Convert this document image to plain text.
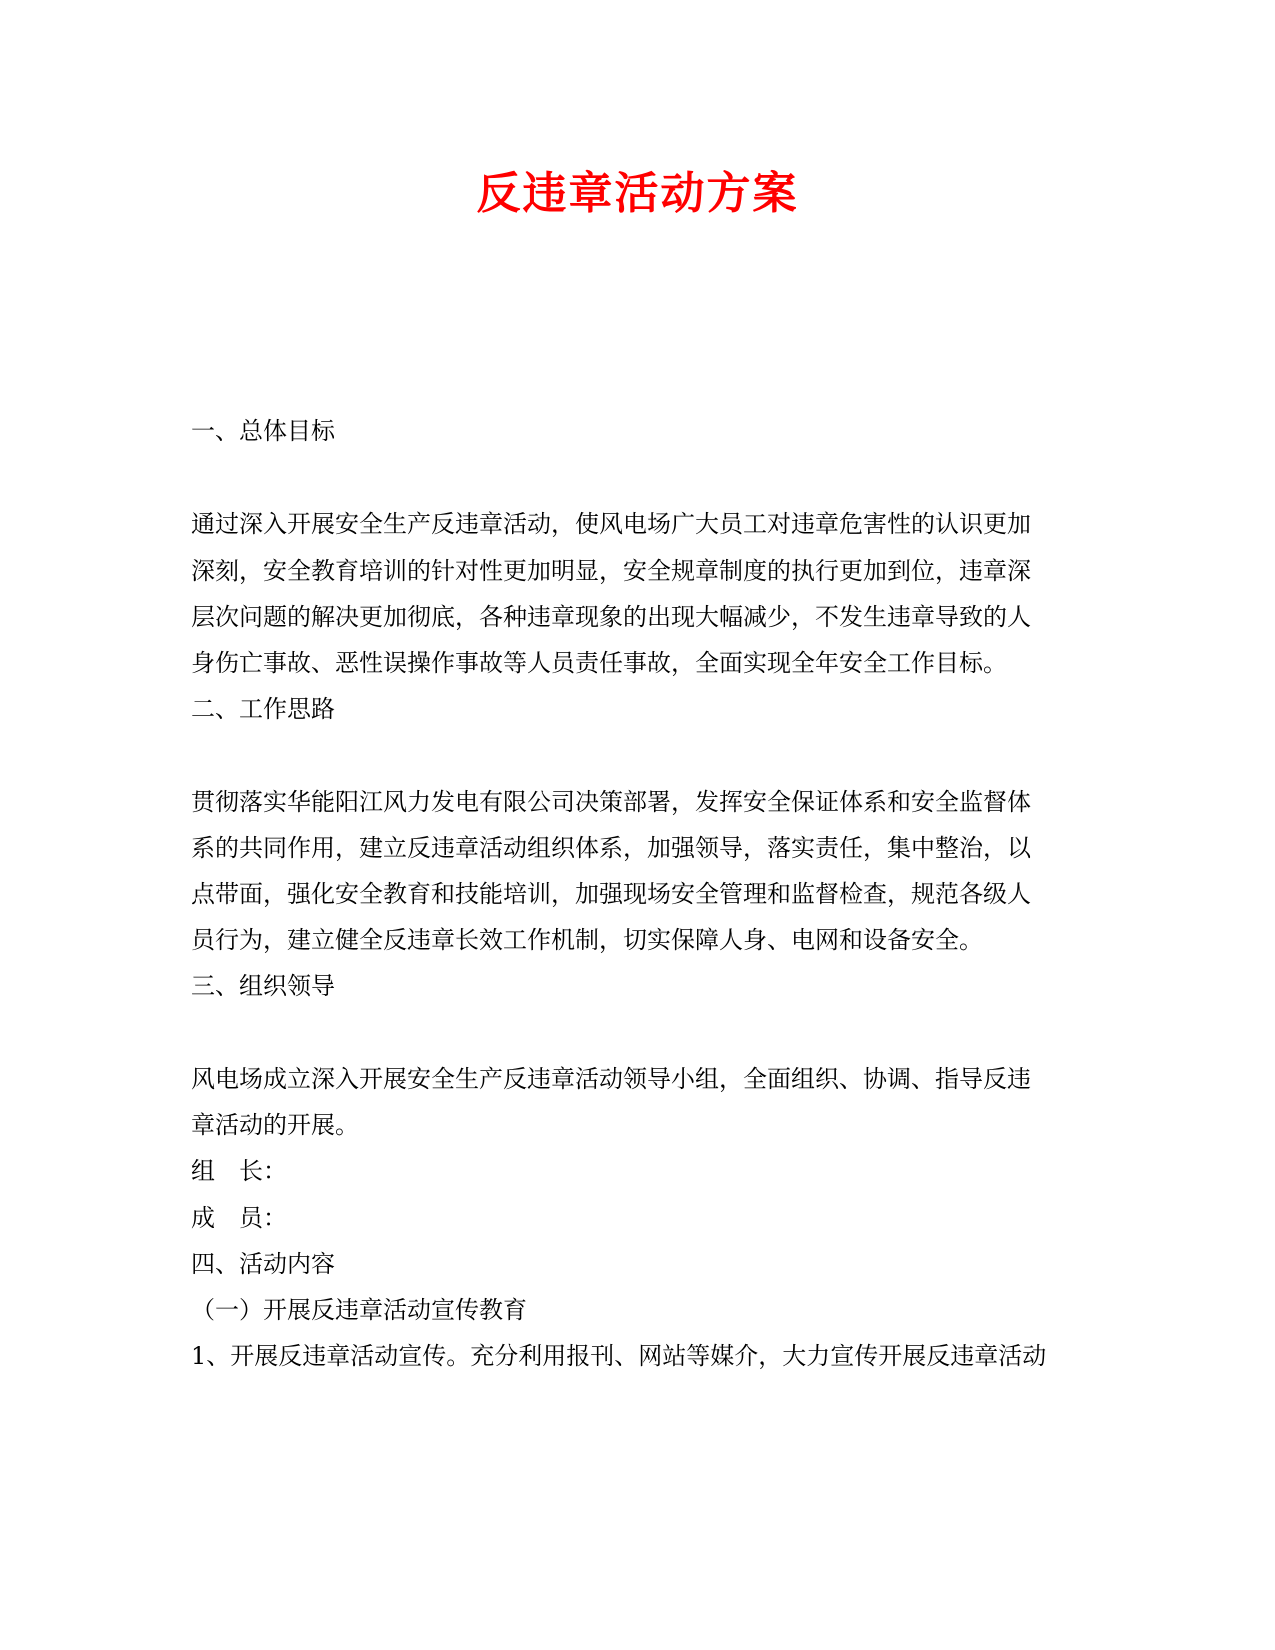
反违章活动方案
一、总体目标
通过深入开展安全生产反违章活动，使风电场广大员工对违章危害性的认识更加
深刻，安全教育培训的针对性更加明显，安全规章制度的执行更加到位，违章深
层次问题的解决更加彻底，各种违章现象的出现大幅减少，不发生违章导致的人
身伤亡事故、恶性误操作事故等人员责任事故，全面实现全年安全工作目标。
二、工作思路
贯彻落实华能阳江风力发电有限公司决策部署，发挥安全保证体系和安全监督体
系的共同作用，建立反违章活动组织体系，加强领导，落实责任，集中整治，以
点带面，强化安全教育和技能培训，加强现场安全管理和监督检查，规范各级人
员行为，建立健全反违章长效工作机制，切实保障人身、电网和设备安全。
三、组织领导
风电场成立深入开展安全生产反违章活动领导小组，全面组织、协调、指导反违
章活动的开展。
组　长：
成　员：
四、活动内容
（一）开展反违章活动宣传教育
1、开展反违章活动宣传。充分利用报刊、网站等媒介，大力宣传开展反违章活动
